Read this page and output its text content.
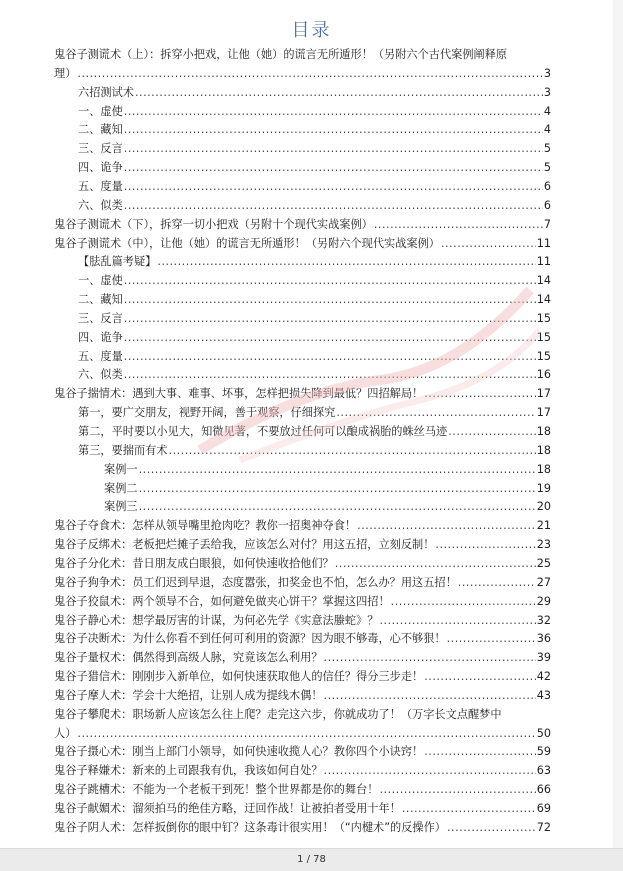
目录
鬼谷子测谎术（上）：拆穿小把戏，让他（她）的谎言无所遁形！（另附六个古代案例阐释原
理）	3
.....
六招测试术	3
.....
一、虚使	4
.....
二、藏知	4
.....
三、反言	5
.....
四、诡争	5
.....
五、度量	6
.....
六、似类	6
.....
鬼谷子测谎术（下），拆穿一切小把戏（另附十个现代实战案例）	7
.....
鬼谷子测谎术（中），让他（她）的谎言无所遁形！（另附六个现代实战案例）	11
.....
【胠乱篇考疑】	11
.....
一、虚使	14
.....
二、藏知	14
.....
三、反言	15
.....
四、诡争	15
.....
五、度量	15
.....
六、似类	16
.....
鬼谷子揣情术：遇到大事、难事、坏事，怎样把损失降到最低？四招解局！	17
.....
第一，要广交朋友，视野开阔，善于观察，仔细探究	17
.....
第二，平时要以小见大，知微见著，不要放过任何可以酿成祸胎的蛛丝马迹	18
.....
第三，要揣而有术	18
.....
案例一	18
.....
案例二	19
.....
案例三	20
.....
鬼谷子夺食术：怎样从领导嘴里抢肉吃？教你一招奥神夺食！	21
.....
鬼谷子反绑术：老板把烂摊子丢给我，应该怎么对付？用这五招，立刻反制！	23
.....
鬼谷子分化术：昔日朋友成白眼狼，如何快速收拾他们？	25
.....
鬼谷子狗争术：员工们迟到早退，态度嚣张，扣奖金也不怕，怎么办？用这五招！	27
.....
鬼谷子狡鼠术：两个领导不合，如何避免做夹心饼干？掌握这四招！	29
.....
鬼谷子静心术：想学最厉害的计谋，为何必先学《实意法螣蛇》？	32
.....
鬼谷子决断术：为什么你看不到任何可利用的资源？因为眼不够毒，心不够狠！	36
.....
鬼谷子量权术：偶然得到高级人脉，究竟该怎么利用？	39
.....
鬼谷子猎信术：刚刚步入新单位，如何快速获取他人的信任？得分三步走！	42
.....
鬼谷子摩人术：学会十大绝招，让别人成为提线木偶！	43
.....
鬼谷子攀爬术：职场新人应该怎么往上爬？走完这六步，你就成功了！（万字长文点醒梦中
人）	50
.....
鬼谷子摄心术：刚当上部门小领导，如何快速收揽人心？教你四个小诀窍！	59
.....
鬼谷子释嫌术：新来的上司跟我有仇，我该如何自处？	63
.....
鬼谷子跳槽术：不能为一个老板干到死！整个世界都是你的舞台！	66
.....
鬼谷子献媚术：溜须拍马的绝佳方略，迂回作战！让被拍者受用十年！	69
.....
鬼谷子阴人术：怎样扳倒你的眼中钉？这条毒计很实用！（“内楗术”的反操作）	72
.....
1 / 78
